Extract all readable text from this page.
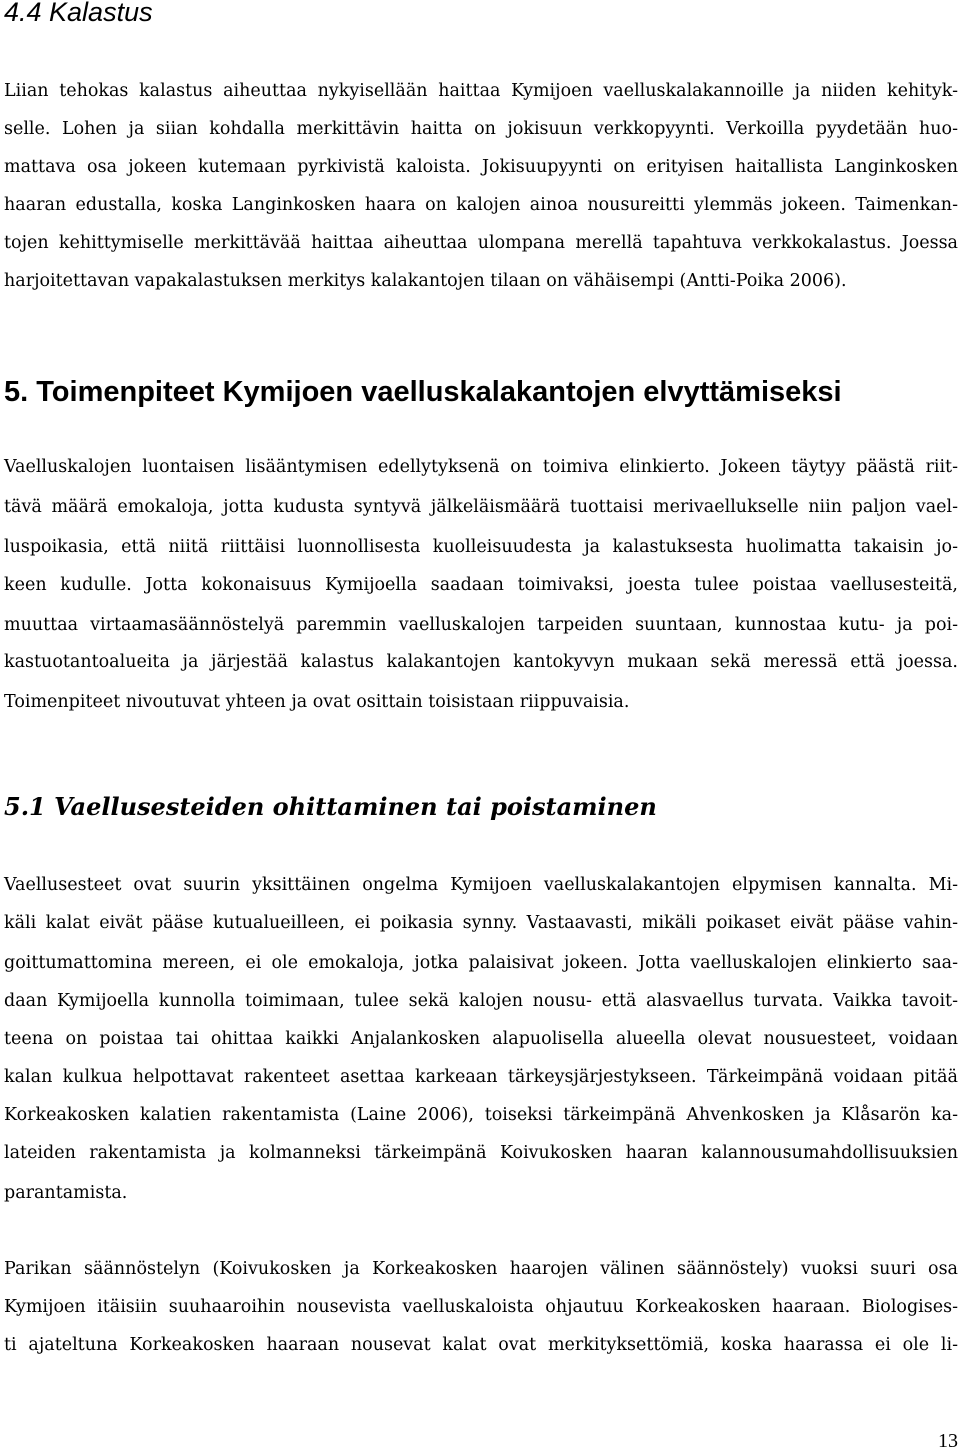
4.4 Kalastus
Liian tehokas kalastus aiheuttaa nykyisellään haittaa Kymijoen vaelluskalakannoille ja niiden kehityk-
selle. Lohen ja siian kohdalla merkittävin haitta on jokisuun verkkopyynti. Verkoilla pyydetään huo-
mattava osa jokeen kutemaan pyrkivistä kaloista. Jokisuupyynti on erityisen haitallista Langinkosken
haaran edustalla, koska Langinkosken haara on kalojen ainoa nousureitti ylemmäs jokeen. Taimenkan-
tojen kehittymiselle merkittävää haittaa aiheuttaa ulompana merellä tapahtuva verkkokalastus. Joessa
harjoitettavan vapakalastuksen merkitys kalakantojen tilaan on vähäisempi (Antti-Poika 2006).
5. Toimenpiteet Kymijoen vaelluskalakantojen elvyttämiseksi
Vaelluskalojen luontaisen lisääntymisen edellytyksenä on toimiva elinkierto. Jokeen täytyy päästä riit-
tävä määrä emokaloja, jotta kudusta syntyvä jälkeläismäärä tuottaisi merivaellukselle niin paljon vael-
luspoikasia, että niitä riittäisi luonnollisesta kuolleisuudesta ja kalastuksesta huolimatta takaisin jo-
keen kudulle. Jotta kokonaisuus Kymijoella saadaan toimivaksi, joesta tulee poistaa vaellusesteitä,
muuttaa virtaamasäännöstelyä paremmin vaelluskalojen tarpeiden suuntaan, kunnostaa kutu- ja poi-
kastuotantoalueita ja järjestää kalastus kalakantojen kantokyvyn mukaan sekä meressä että joessa.
Toimenpiteet nivoutuvat yhteen ja ovat osittain toisistaan riippuvaisia.
5.1 Vaellusesteiden ohittaminen tai poistaminen
Vaellusesteet ovat suurin yksittäinen ongelma Kymijoen vaelluskalakantojen elpymisen kannalta. Mi-
käli kalat eivät pääse kutualueilleen, ei poikasia synny. Vastaavasti, mikäli poikaset eivät pääse vahin-
goittumattomina mereen, ei ole emokaloja, jotka palaisivat jokeen. Jotta vaelluskalojen elinkierto saa-
daan Kymijoella kunnolla toimimaan, tulee sekä kalojen nousu- että alasvaellus turvata. Vaikka tavoit-
teena on poistaa tai ohittaa kaikki Anjalankosken alapuolisella alueella olevat nousuesteet, voidaan
kalan kulkua helpottavat rakenteet asettaa karkeaan tärkeysjärjestykseen. Tärkeimpänä voidaan pitää
Korkeakosken kalatien rakentamista (Laine 2006), toiseksi tärkeimpänä Ahvenkosken ja Klåsarön ka-
lateiden rakentamista ja kolmanneksi tärkeimpänä Koivukosken haaran kalannousumahdollisuuksien
parantamista.
Parikan säännöstelyn (Koivukosken ja Korkeakosken haarojen välinen säännöstely) vuoksi suuri osa
Kymijoen itäisiin suuhaaroihin nousevista vaelluskaloista ohjautuu Korkeakosken haaraan. Biologises-
ti ajateltuna Korkeakosken haaraan nousevat kalat ovat merkityksettömiä, koska haarassa ei ole li-
13
